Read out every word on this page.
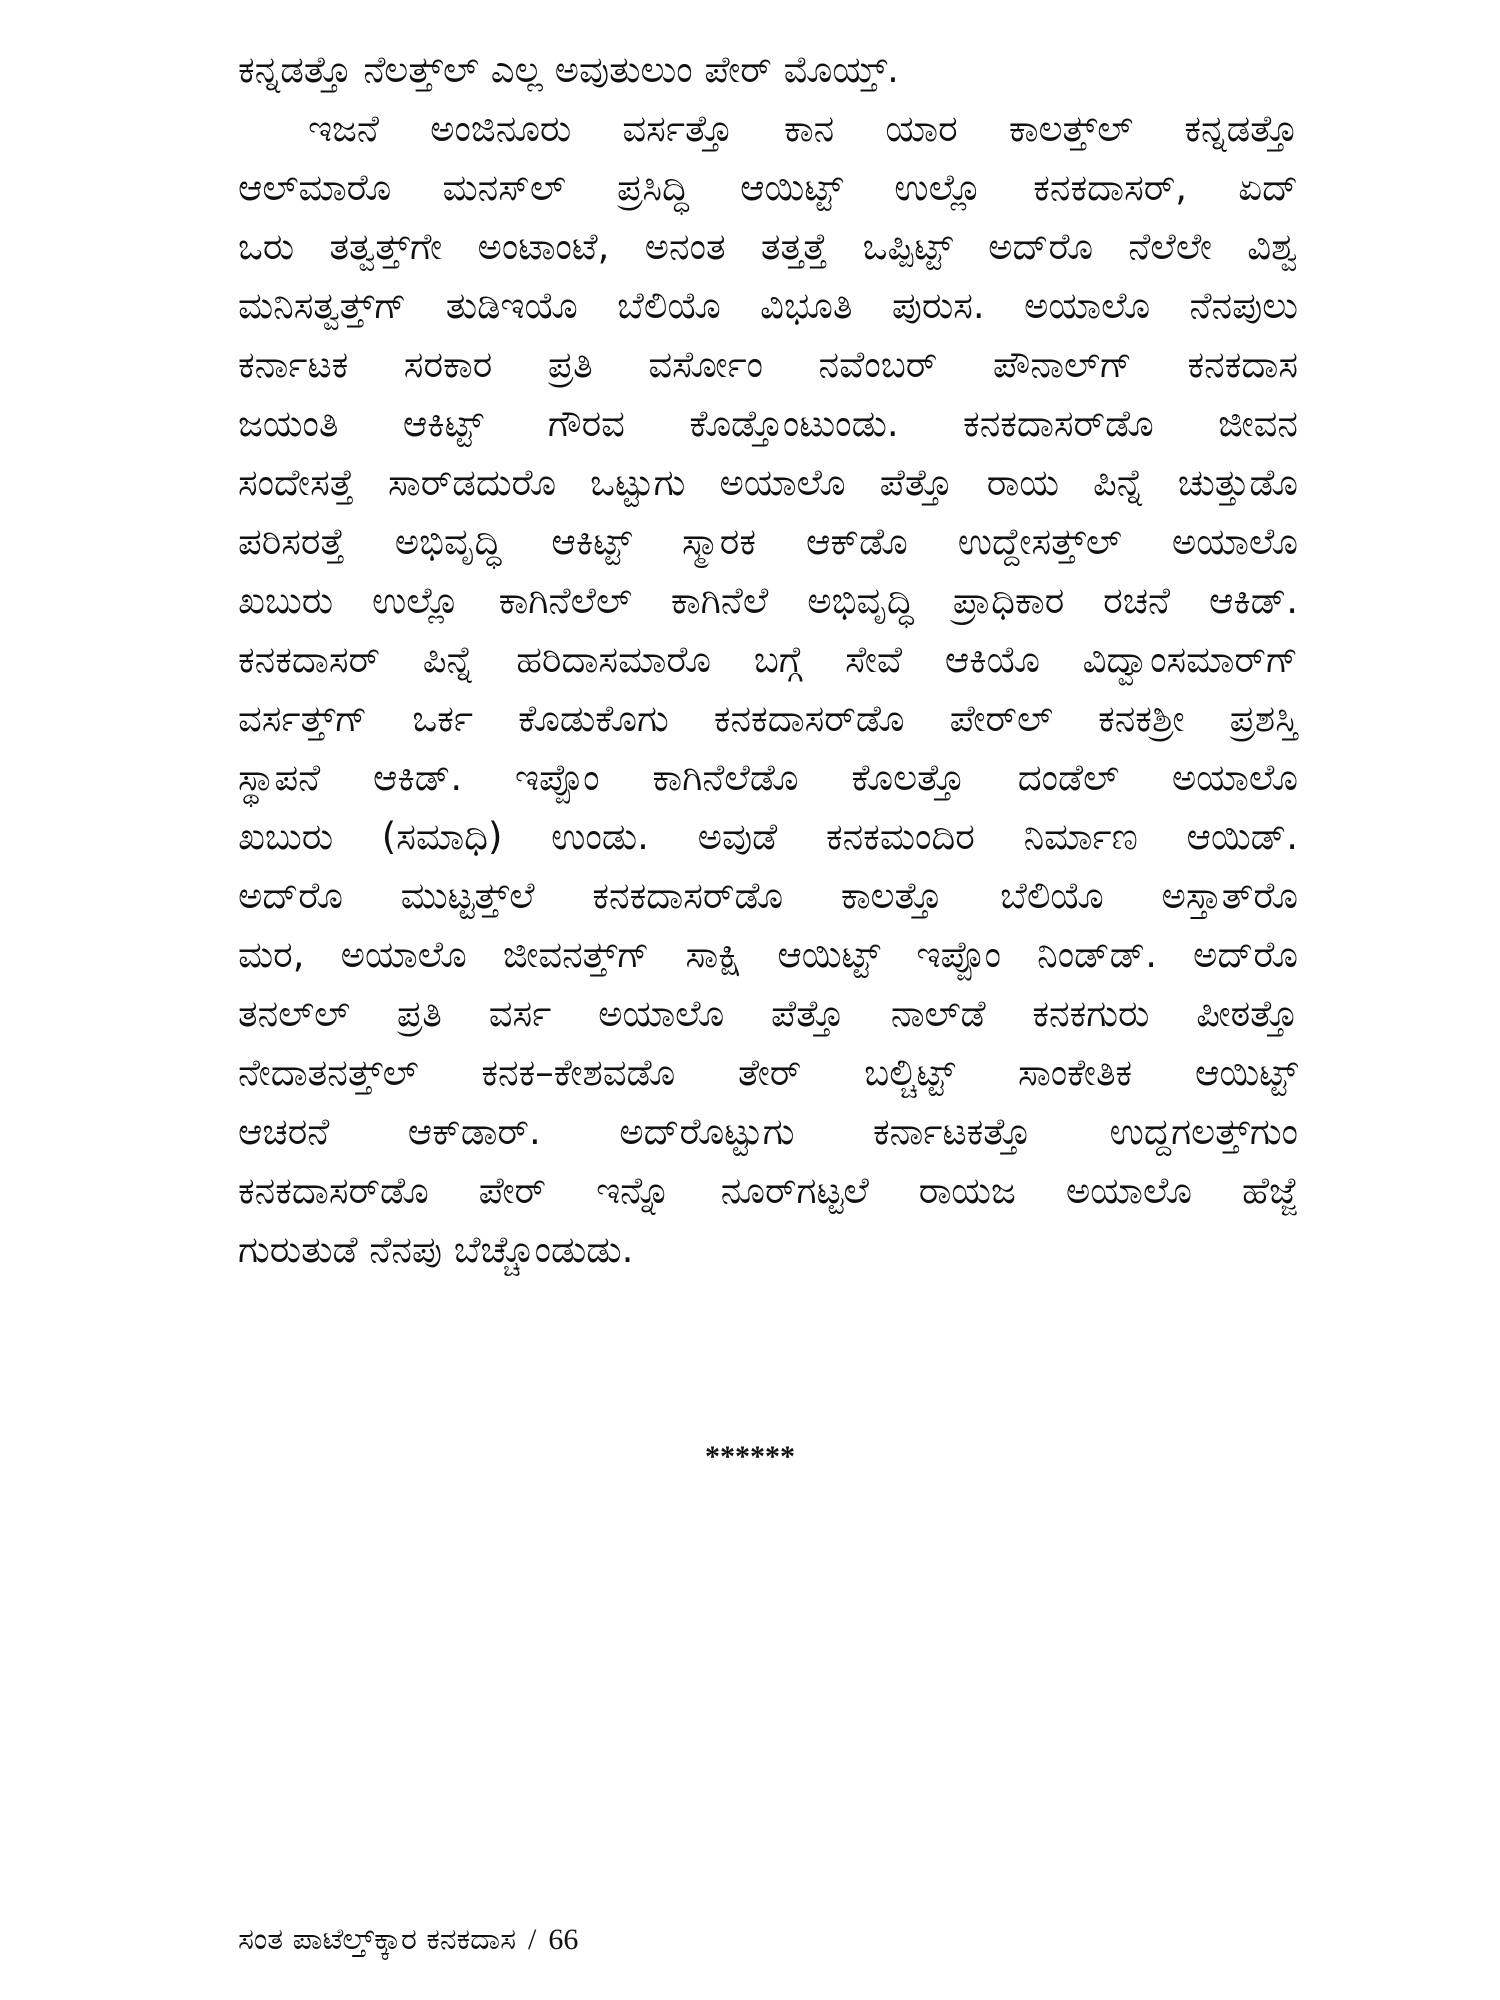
ಕನ್ನಡತ್ತೊ ನೆಲತ್ತ್‌ಲ್ ಎಲ್ಲ ಅವುತುಲುಂ ಪೇರ್ ಮೊಯ್ತ್.
ಇಜನೆ ಅಂಜಿನೂರು ವರ್ಸತ್ತೊ ಕಾನ ಯಾರ ಕಾಲತ್ತ್‌ಲ್ ಕನ್ನಡತ್ತೊ
ಆಲ್‌ಮಾರೊ ಮನಸ್‌ಲ್ ಪ್ರಸಿದ್ಧಿ ಆಯಿಟ್ಟ್ ಉಲ್ಲೊ ಕನಕದಾಸರ್, ಏದ್
ಒರು ತತ್ವತ್ತ್‌ಗೇ ಅಂಟಾಂಟೆ, ಅನಂತ ತತ್ತತ್ತೆ ಒಪ್ಪಿಟ್ಟ್ ಅದ್‌ರೊ ನೆಲೆಲೇ ವಿಶ್ವ
ಮನಿಸತ್ವತ್ತ್‌ಗ್ ತುಡಿಇಯೊ ಬೆಲಿಯೊ ವಿಭೂತಿ ಪುರುಸ. ಅಯಾಲೊ ನೆನಪುಲು
ಕರ್ನಾಟಕ ಸರಕಾರ ಪ್ರತಿ ವರ್ಸೋಂ ನವೆಂಬರ್ ಪೌನಾಲ್‌ಗ್ ಕನಕದಾಸ
ಜಯಂತಿ ಆಕಿಟ್ಟ್ ಗೌರವ ಕೊಡ್ತೊಂಟುಂಡು. ಕನಕದಾಸರ್‌ಡೊ ಜೀವನ
ಸಂದೇಸತ್ತೆ ಸಾರ್‌ಡದುರೊ ಒಟ್ಟುಗು ಅಯಾಲೊ ಪೆತ್ತೊ ರಾಯ ಪಿನ್ನೆ ಚುತ್ತುಡೊ
ಪರಿಸರತ್ತೆ ಅಭಿವೃದ್ಧಿ ಆಕಿಟ್ಟ್ ಸ್ಮಾರಕ ಆಕ್‌ಡೊ ಉದ್ದೇಸತ್ತ್‌ಲ್ ಅಯಾಲೊ
ಖಬುರು ಉಲ್ಲೊ ಕಾಗಿನೆಲೆಲ್ ಕಾಗಿನೆಲೆ ಅಭಿವೃದ್ಧಿ ಪ್ರಾಧಿಕಾರ ರಚನೆ ಆಕಿಡ್.
ಕನಕದಾಸರ್ ಪಿನ್ನೆ ಹರಿದಾಸಮಾರೊ ಬಗ್ಗೆ ಸೇವೆ ಆಕಿಯೊ ವಿದ್ವಾಂಸಮಾರ್‌ಗ್
ವರ್ಸತ್ತ್‌ಗ್ ಒರ್ಕ ಕೊಡುಕೊಗು ಕನಕದಾಸರ್‌ಡೊ ಪೇರ್‌ಲ್ ಕನಕಶ್ರೀ ಪ್ರಶಸ್ತಿ
ಸ್ಥಾಪನೆ ಆಕಿಡ್. ಇಪ್ಪೊಂ ಕಾಗಿನೆಲೆಡೊ ಕೊಲತ್ತೊ ದಂಡೆಲ್ ಅಯಾಲೊ
ಖಬುರು (ಸಮಾಧಿ) ಉಂಡು. ಅವುಡೆ ಕನಕಮಂದಿರ ನಿರ್ಮಾಣ ಆಯಿಡ್.
ಅದ್‌ರೊ ಮುಟ್ಟತ್ತ್‌ಲೆ ಕನಕದಾಸರ್‌ಡೊ ಕಾಲತ್ತೊ ಬೆಲಿಯೊ ಅಸ್ತಾತ್‌ರೊ
ಮರ, ಅಯಾಲೊ ಜೀವನತ್ತ್‌ಗ್ ಸಾಕ್ಷಿ ಆಯಿಟ್ಟ್ ಇಪ್ಪೊಂ ನಿಂಡ್‌ಡ್. ಅದ್‌ರೊ
ತನಲ್‌ಲ್ ಪ್ರತಿ ವರ್ಸ ಅಯಾಲೊ ಪೆತ್ತೊ ನಾಲ್‌ಡೆ ಕನಕಗುರು ಪೀಠತ್ತೊ
ನೇದಾತನತ್ತ್‌ಲ್ ಕನಕ–ಕೇಶವಡೊ ತೇರ್ ಬಲ್ಚಿಟ್ಟ್ ಸಾಂಕೇತಿಕ ಆಯಿಟ್ಟ್
ಆಚರನೆ ಆಕ್‌ಡಾರ್. ಅದ್‌ರೊಟ್ಟುಗು ಕರ್ನಾಟಕತ್ತೊ ಉದ್ದಗಲತ್ತ್‌ಗುಂ
ಕನಕದಾಸರ್‌ಡೊ ಪೇರ್ ಇನ್ನೊ ನೂರ್‌ಗಟ್ಟಲೆ ರಾಯಜ ಅಯಾಲೊ ಹೆಜ್ಜೆ
ಗುರುತುಡೆ ನೆನಪು ಬೆಚ್ಚೊಂಡುಡು.
******
ಸಂತ ಪಾಟೆಲ್ತ್‌ಕ್ಕಾರ ಕನಕದಾಸ / 66
